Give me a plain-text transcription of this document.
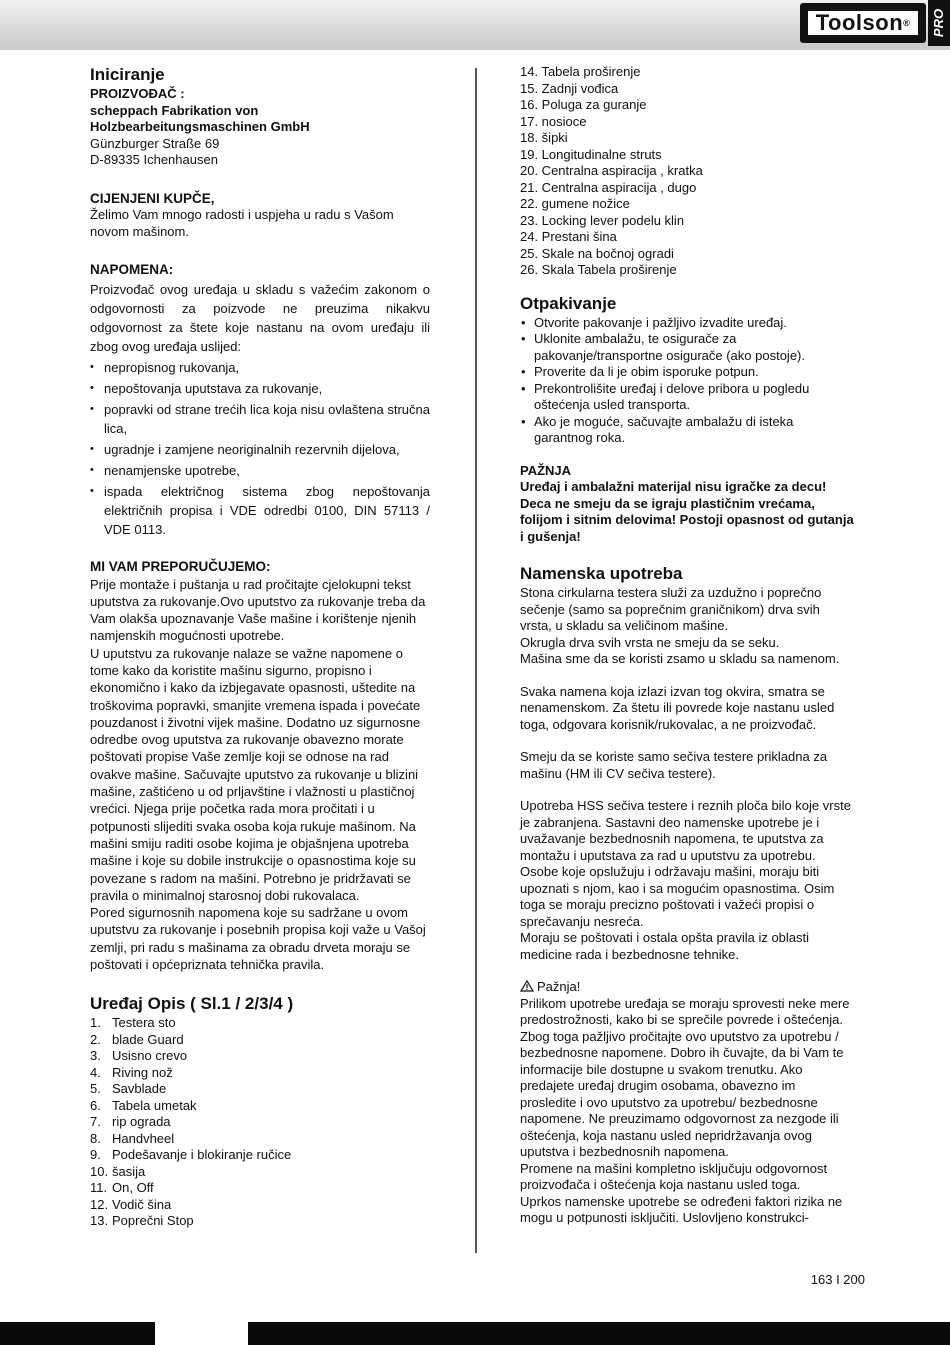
Toolson®	PRO
Iniciranje

PROIZVOĐAČ :

scheppach Fabrikation von

Holzbearbeitungsmaschinen GmbH

Günzburger Straße 69

D-89335 Ichenhausen

CIJENJENI KUPČE,

Želimo Vam mnogo radosti i uspjeha u radu s Vašom novom mašinom.

NAPOMENA:

Proizvođač ovog uređaja u skladu s važećim zakonom o odgovornosti za poizvode ne preuzima nikakvu odgovornost za štete koje nastanu na ovom uređaju ili zbog ovog uređaja uslijed:

• nepropisnog rukovanja,
• nepoštovanja uputstava za rukovanje,
• popravki od strane trećih lica koja nisu ovlaštena stručna lica,
• ugradnje i zamjene neoriginalnih rezervnih dijelova,
• nenamjenske upotrebe,
• ispada električnog sistema zbog nepoštovanja električnih propisa i VDE odredbi 0100, DIN 57113 / VDE 0113.

MI VAM PREPORUČUJEMO:

Prije montaže i puštanja u rad pročitajte cjelokupni tekst uputstva za rukovanje.Ovo uputstvo za rukovanje treba da Vam olakša upoznavanje Vaše mašine i korištenje njenih namjenskih mogućnosti upotrebe.
U uputstvu za rukovanje nalaze se važne napomene o tome kako da koristite mašinu sigurno, propisno i ekonomično i kako da izbjegavate opasnosti, uštedite na troškovima popravki, smanjite vremena ispada i povećate pouzdanost i životni vijek mašine. Dodatno uz sigurnosne odredbe ovog uputstva za rukovanje obavezno morate poštovati propise Vaše zemlje koji se odnose na rad ovakve mašine. Sačuvajte uputstvo za rukovanje u blizini mašine, zaštićeno u od prljavštine i vlažnosti u plastičnoj vrećici. Njega prije početka rada mora pročitati i u potpunosti slijediti svaka osoba koja rukuje mašinom. Na mašini smiju raditi osobe kojima je objašnjena upotreba mašine i koje su dobile instrukcije o opasnostima koje su povezane s radom na mašini. Potrebno je pridržavati se pravila o minimalnoj starosnoj dobi rukovalaca.
Pored sigurnosnih napomena koje su sadržane u ovom uputstvu za rukovanje i posebnih propisa koji važe u Vašoj zemlji, pri radu s mašinama za obradu drveta moraju se poštovati i općepriznata tehnička pravila.

Uređaj Opis ( Sl.1 / 2/3/4 )
1. Testera sto
2. blade Guard
3. Usisno crevo
4. Riving nož
5. Savblade
6. Tabela umetak
7. rip ograda
8. Handvheel
9. Podešavanje i blokiranje ručice
10. šasija
11. On, Off
12. Vodič šina
13. Poprečni Stop
14. Tabela proširenje
15. Zadnji vođica
16. Poluga za guranje
17. nosioce
18. šipki
19. Longitudinalne struts
20. Centralna aspiracija , kratka
21. Centralna aspiracija , dugo
22. gumene nožice
23. Locking lever podelu klin
24. Prestani šina
25. Skale na bočnoj ogradi
26. Skala Tabela proširenje
Otpakivanje
• Otvorite pakovanje i pažljivo izvadite uređaj.
• Uklonite ambalažu, te osigurače za pakovanje/transportne osigurače (ako postoje).
• Proverite da li je obim isporuke potpun.
• Prekontrolišite uređaj i delove pribora u pogledu oštećenja usled transporta.
• Ako je moguće, sačuvajte ambalažu di isteka garantnog roka.

PAŽNJA

Uređaj i ambalažni materijal nisu igračke za decu! Deca ne smeju da se igraju plastičnim vrećama, folijom i sitnim delovima! Postoji opasnost od gutanja i gušenja!

Namenska upotreba

Stona cirkularna testera služi za uzdužno i poprečno sečenje (samo sa poprečnim graničnikom) drva svih vrsta, u skladu sa veličinom mašine.
Okrugla drva svih vrsta ne smeju da se seku.
Mašina sme da se koristi zsamo u skladu sa namenom.

Svaka namena koja izlazi izvan tog okvira, smatra se nenamenskom. Za štetu ili povrede koje nastanu usled toga, odgovara korisnik/rukovalac, a ne proizvođač.

Smeju da se koriste samo sečiva testere prikladna za mašinu (HM ili CV sečiva testere).

Upotreba HSS sečiva testere i reznih ploča bilo koje vrste je zabranjena. Sastavni deo namenske upotrebe je i uvažavanje bezbednosnih napomena, te uputstva za montažu i uputstava za rad u uputstvu za upotrebu. Osobe koje opslužuju i održavaju mašini, moraju biti upoznati s njom, kao i sa mogućim opasnostima. Osim toga se moraju precizno poštovati i važeći propisi o sprečavanju nesreća.
Moraju se poštovati i ostala opšta pravila iz oblasti medicine rada i bezbednosne tehnike.

Pažnja!

Prilikom upotrebe uređaja se moraju sprovesti neke mere predostrožnosti, kako bi se sprečile povrede i oštećenja. Zbog toga pažljivo pročitajte ovo uputstvo za upotrebu / bezbednosne napomene. Dobro ih čuvajte, da bi Vam te informacije bile dostupne u svakom trenutku. Ako predajete uređaj drugim osobama, obavezno im prosledite i ovo uputstvo za upotrebu/ bezbednosne napomene. Ne preuzimamo odgovornost za nezgode ili oštećenja, koja nastanu usled nepridržavanja ovog uputstva i bezbednosnih napomena.
Promene na mašini kompletno isključuju odgovornost proizvođača i oštećenja koja nastanu usled toga.
Uprkos namenske upotrebe se određeni faktori rizika ne mogu u potpunosti isključiti. Uslovljeno konstrukci-

163 I 200
